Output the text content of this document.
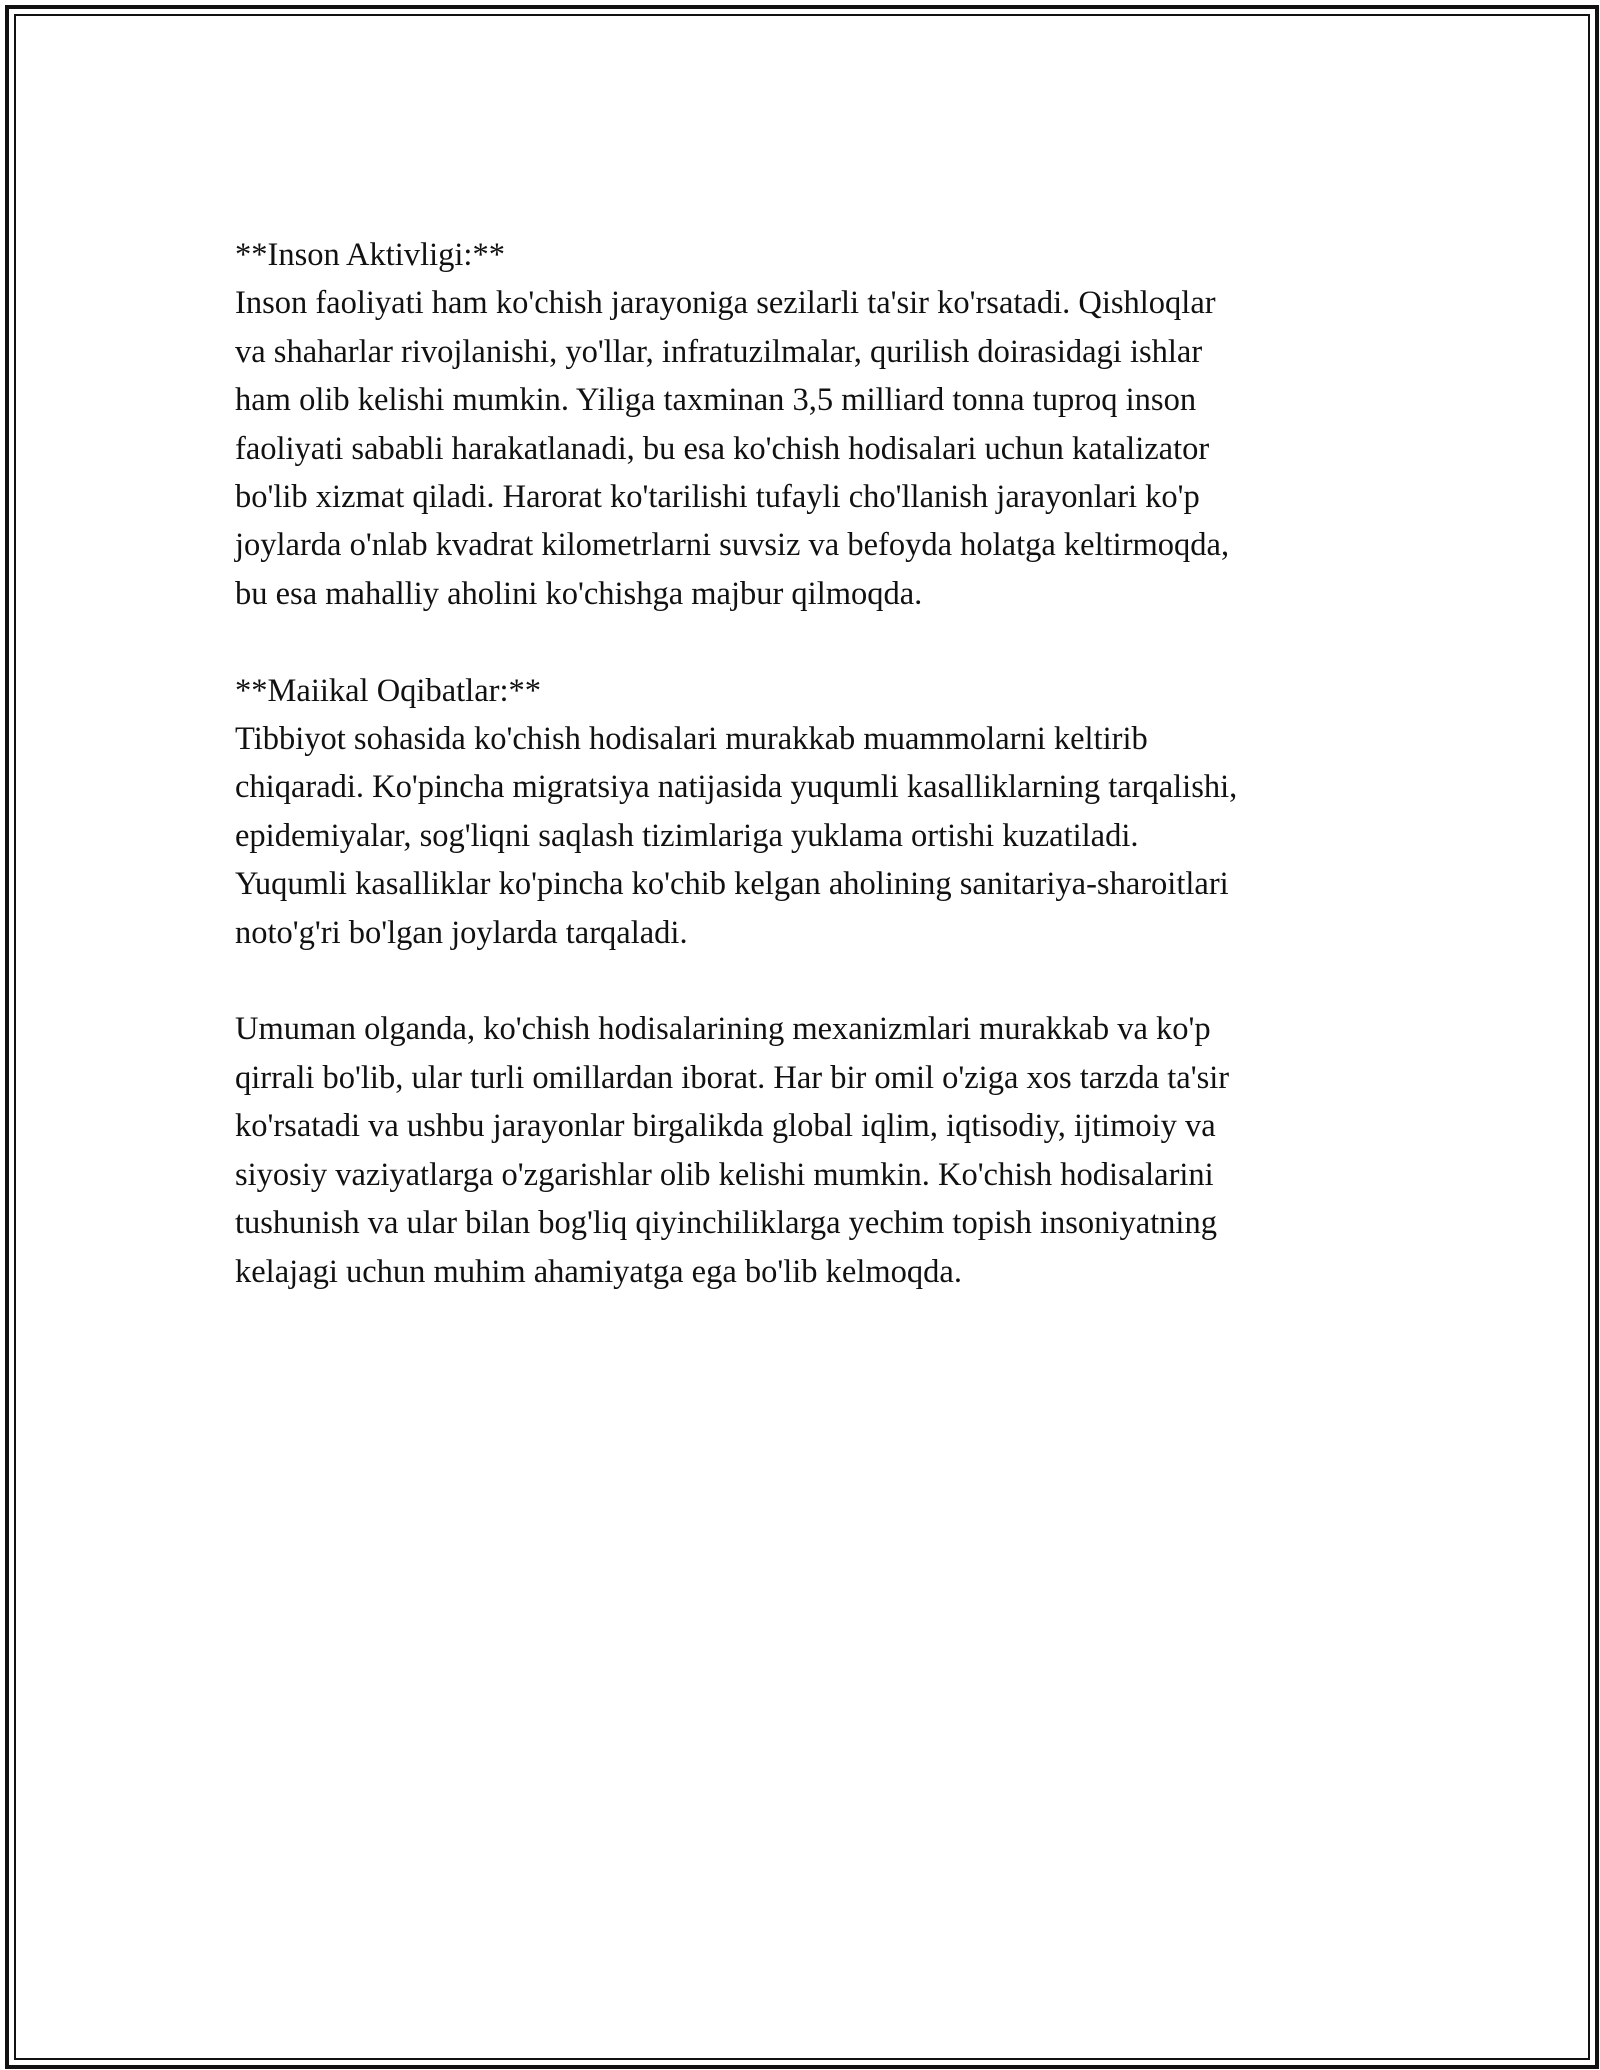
**Inson Aktivligi:**

Inson faoliyati ham ko'chish jarayoniga sezilarli ta'sir ko'rsatadi. Qishloqlar

va shaharlar rivojlanishi, yo'llar, infratuzilmalar, qurilish doirasidagi ishlar

ham olib kelishi mumkin. Yiliga taxminan 3,5 milliard tonna tuproq inson

faoliyati sababli harakatlanadi, bu esa ko'chish hodisalari uchun katalizator

bo'lib xizmat qiladi. Harorat ko'tarilishi tufayli cho'llanish jarayonlari ko'p

joylarda o'nlab kvadrat kilometrlarni suvsiz va befoyda holatga keltirmoqda,

bu esa mahalliy aholini ko'chishga majbur qilmoqda.

**Maiikal Oqibatlar:**

Tibbiyot sohasida ko'chish hodisalari murakkab muammolarni keltirib

chiqaradi. Ko'pincha migratsiya natijasida yuqumli kasalliklarning tarqalishi,

epidemiyalar, sog'liqni saqlash tizimlariga yuklama ortishi kuzatiladi.

Yuqumli kasalliklar ko'pincha ko'chib kelgan aholining sanitariya-sharoitlari

noto'g'ri bo'lgan joylarda tarqaladi.

Umuman olganda, ko'chish hodisalarining mexanizmlari murakkab va ko'p

qirrali bo'lib, ular turli omillardan iborat. Har bir omil o'ziga xos tarzda ta'sir

ko'rsatadi va ushbu jarayonlar birgalikda global iqlim, iqtisodiy, ijtimoiy va

siyosiy vaziyatlarga o'zgarishlar olib kelishi mumkin. Ko'chish hodisalarini

tushunish va ular bilan bog'liq qiyinchiliklarga yechim topish insoniyatning

kelajagi uchun muhim ahamiyatga ega bo'lib kelmoqda.
